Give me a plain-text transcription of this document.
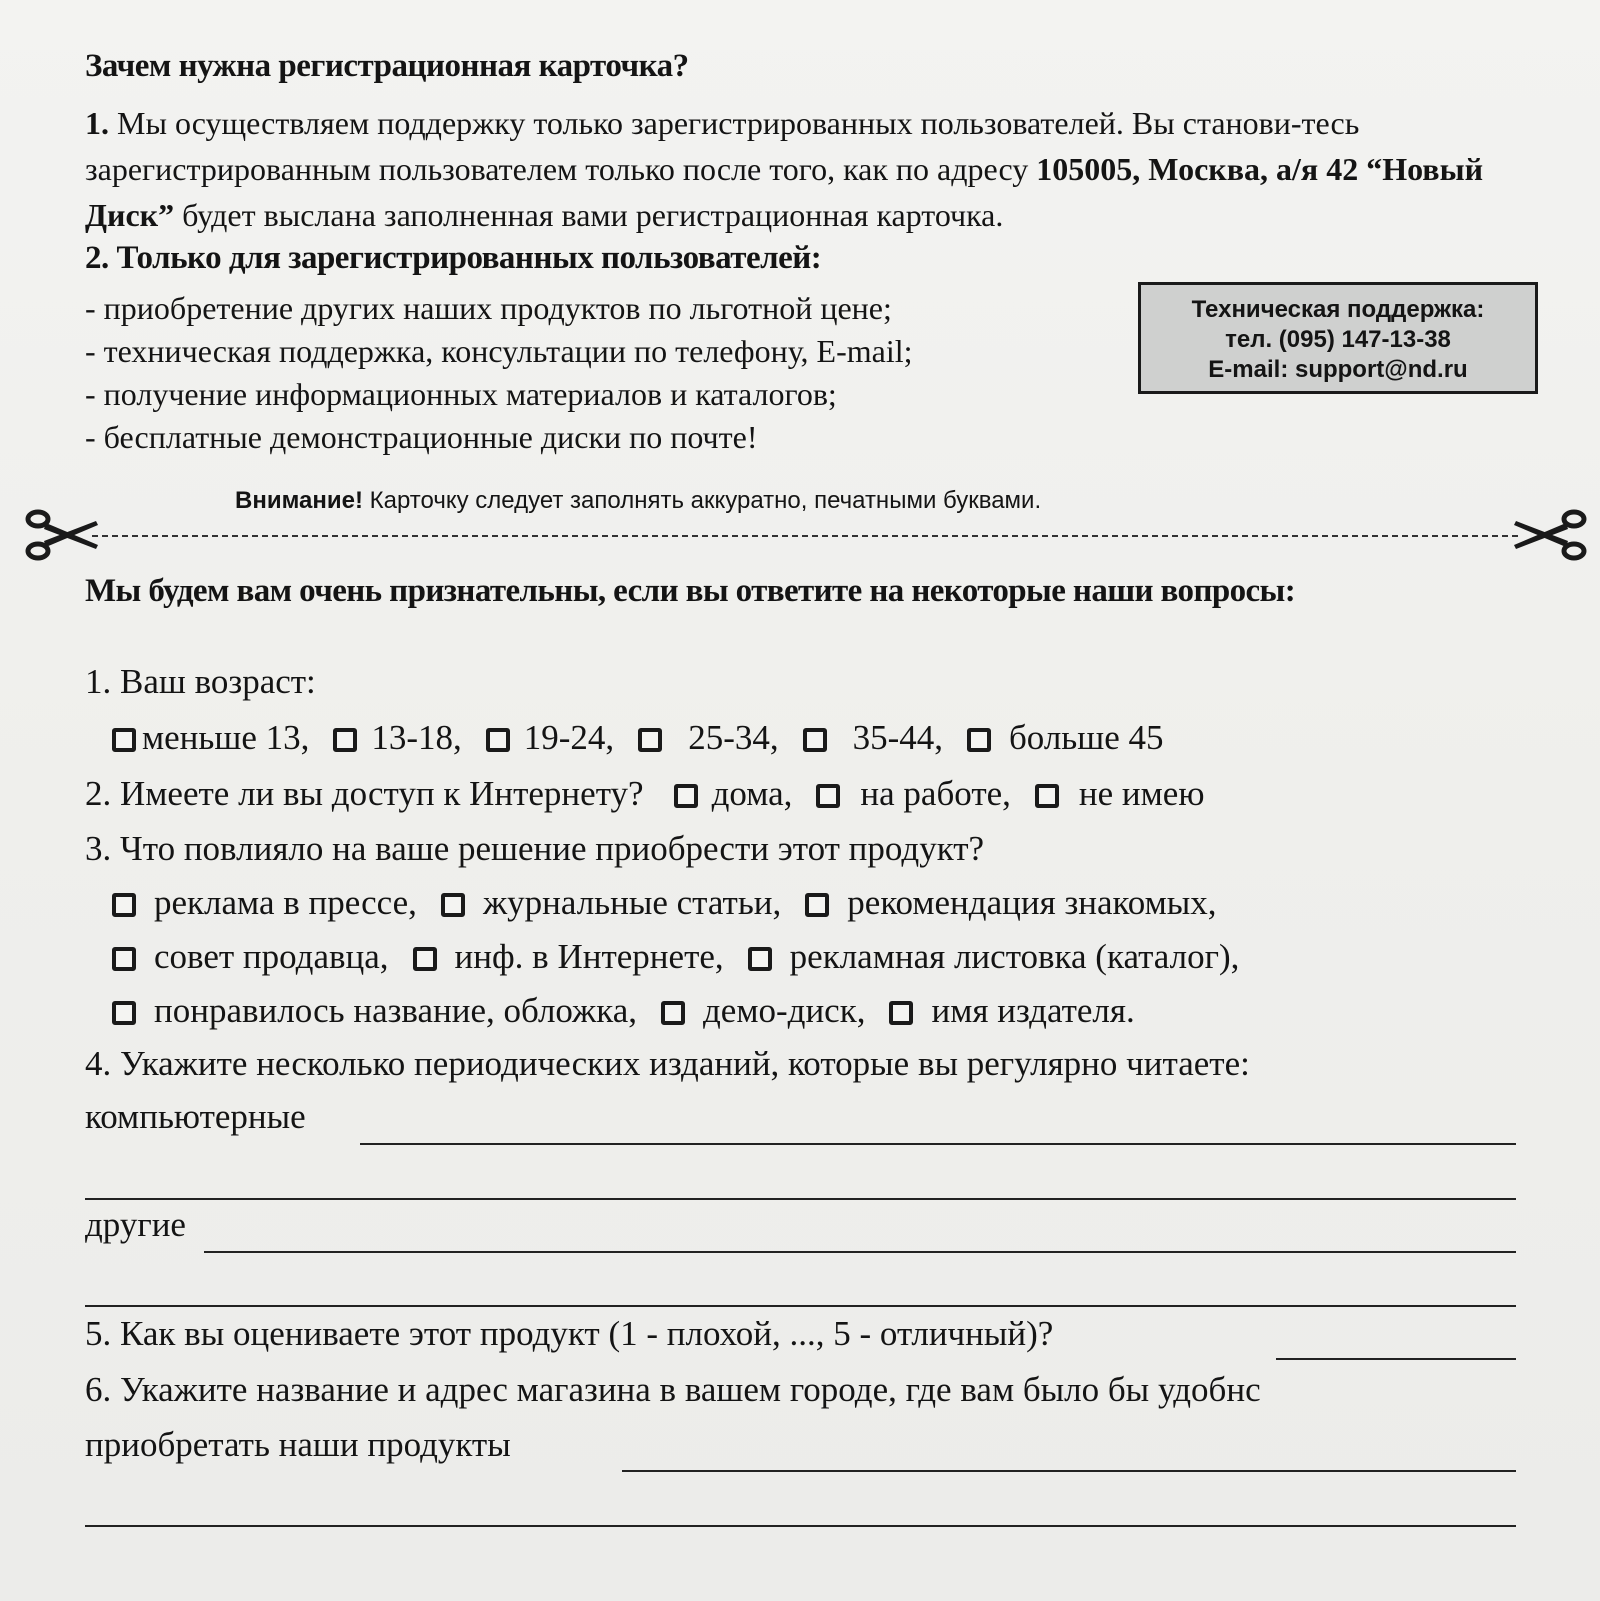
Зачем нужна регистрационная карточка?
1. Мы осуществляем поддержку только зарегистрированных пользователей. Вы станови-тесь зарегистрированным пользователем только после того, как по адресу 105005, Москва, а/я 42 “Новый Диск” будет выслана заполненная вами регистрационная карточка.
2. Только для зарегистрированных пользователей:
- приобретение других наших продуктов по льготной цене;
- техническая поддержка, консультации по телефону, E-mail;
- получение информационных материалов и каталогов;
- бесплатные демонстрационные диски по почте!
Техническая поддержка:
тел. (095) 147-13-38
E-mail: support@nd.ru
Внимание! Карточку следует заполнять аккуратно, печатными буквами.
Мы будем вам очень признательны, если вы ответите на некоторые наши вопросы:
1. Ваш возраст:
меньше 13, 13-18, 19-24, 25-34, 35-44, больше 45
2. Имеете ли вы доступ к Интернету? дома, на работе, не имею
3. Что повлияло на ваше решение приобрести этот продукт?
реклама в прессе, журнальные статьи, рекомендация знакомых,
совет продавца, инф. в Интернете, рекламная листовка (каталог),
понравилось название, обложка, демо-диск, имя издателя.
4. Укажите несколько периодических изданий, которые вы регулярно читаете:
компьютерные
другие
5. Как вы оцениваете этот продукт (1 - плохой, ..., 5 - отличный)?
6. Укажите название и адрес магазина в вашем городе, где вам было бы удобнс
приобретать наши продукты
